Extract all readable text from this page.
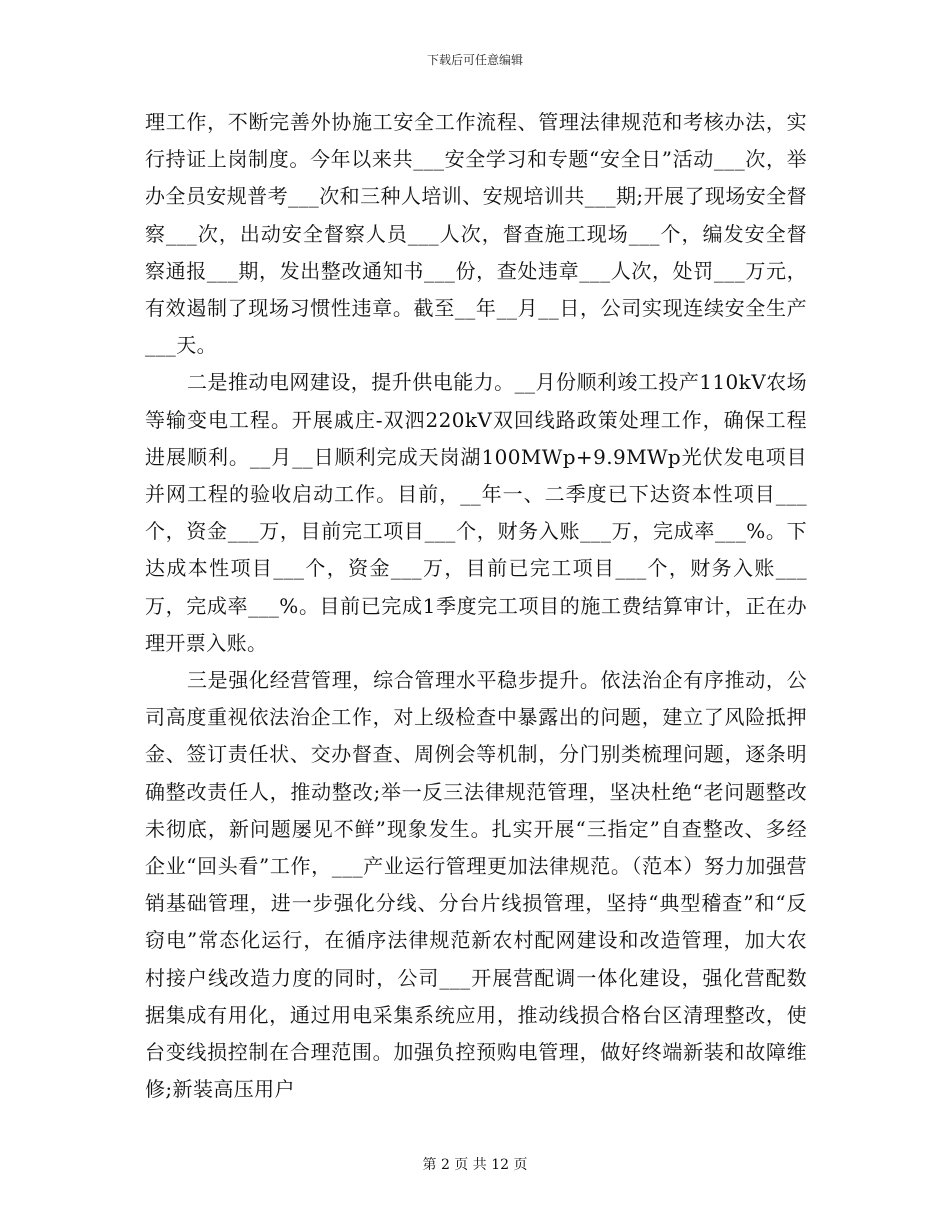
下载后可任意编辑

理工作，不断完善外协施工安全工作流程、管理法律规范和考核办法，实行持证上岗制度。今年以来共___安全学习和专题“安全日”活动___次，举办全员安规普考___次和三种人培训、安规培训共___期;开展了现场安全督察___次，出动安全督察人员___人次，督查施工现场___个，编发安全督察通报___期，发出整改通知书___份，查处违章___人次，处罚___万元，有效遏制了现场习惯性违章。截至__年__月__日，公司实现连续安全生产___天。

二是推动电网建设，提升供电能力。__月份顺利竣工投产110kV农场等输变电工程。开展戚庄-双泗220kV双回线路政策处理工作，确保工程进展顺利。__月__日顺利完成天岗湖100MWp+9.9MWp光伏发电项目并网工程的验收启动工作。目前，__年一、二季度已下达资本性项目___个，资金___万，目前完工项目___个，财务入账___万，完成率___%。下达成本性项目___个，资金___万，目前已完工项目___个，财务入账___万，完成率___%。目前已完成1季度完工项目的施工费结算审计，正在办理开票入账。

三是强化经营管理，综合管理水平稳步提升。依法治企有序推动，公司高度重视依法治企工作，对上级检查中暴露出的问题，建立了风险抵押金、签订责任状、交办督查、周例会等机制，分门别类梳理问题，逐条明确整改责任人，推动整改;举一反三法律规范管理，坚决杜绝“老问题整改未彻底，新问题屡见不鲜”现象发生。扎实开展“三指定”自查整改、多经企业“回头看”工作，___产业运行管理更加法律规范。（范本）努力加强营销基础管理，进一步强化分线、分台片线损管理，坚持“典型稽查”和“反窃电”常态化运行，在循序法律规范新农村配网建设和改造管理，加大农村接户线改造力度的同时，公司___开展营配调一体化建设，强化营配数据集成有用化，通过用电采集系统应用，推动线损合格台区清理整改，使台变线损控制在合理范围。加强负控预购电管理，做好终端新装和故障维修;新装高压用户

第 2 页 共 12 页
